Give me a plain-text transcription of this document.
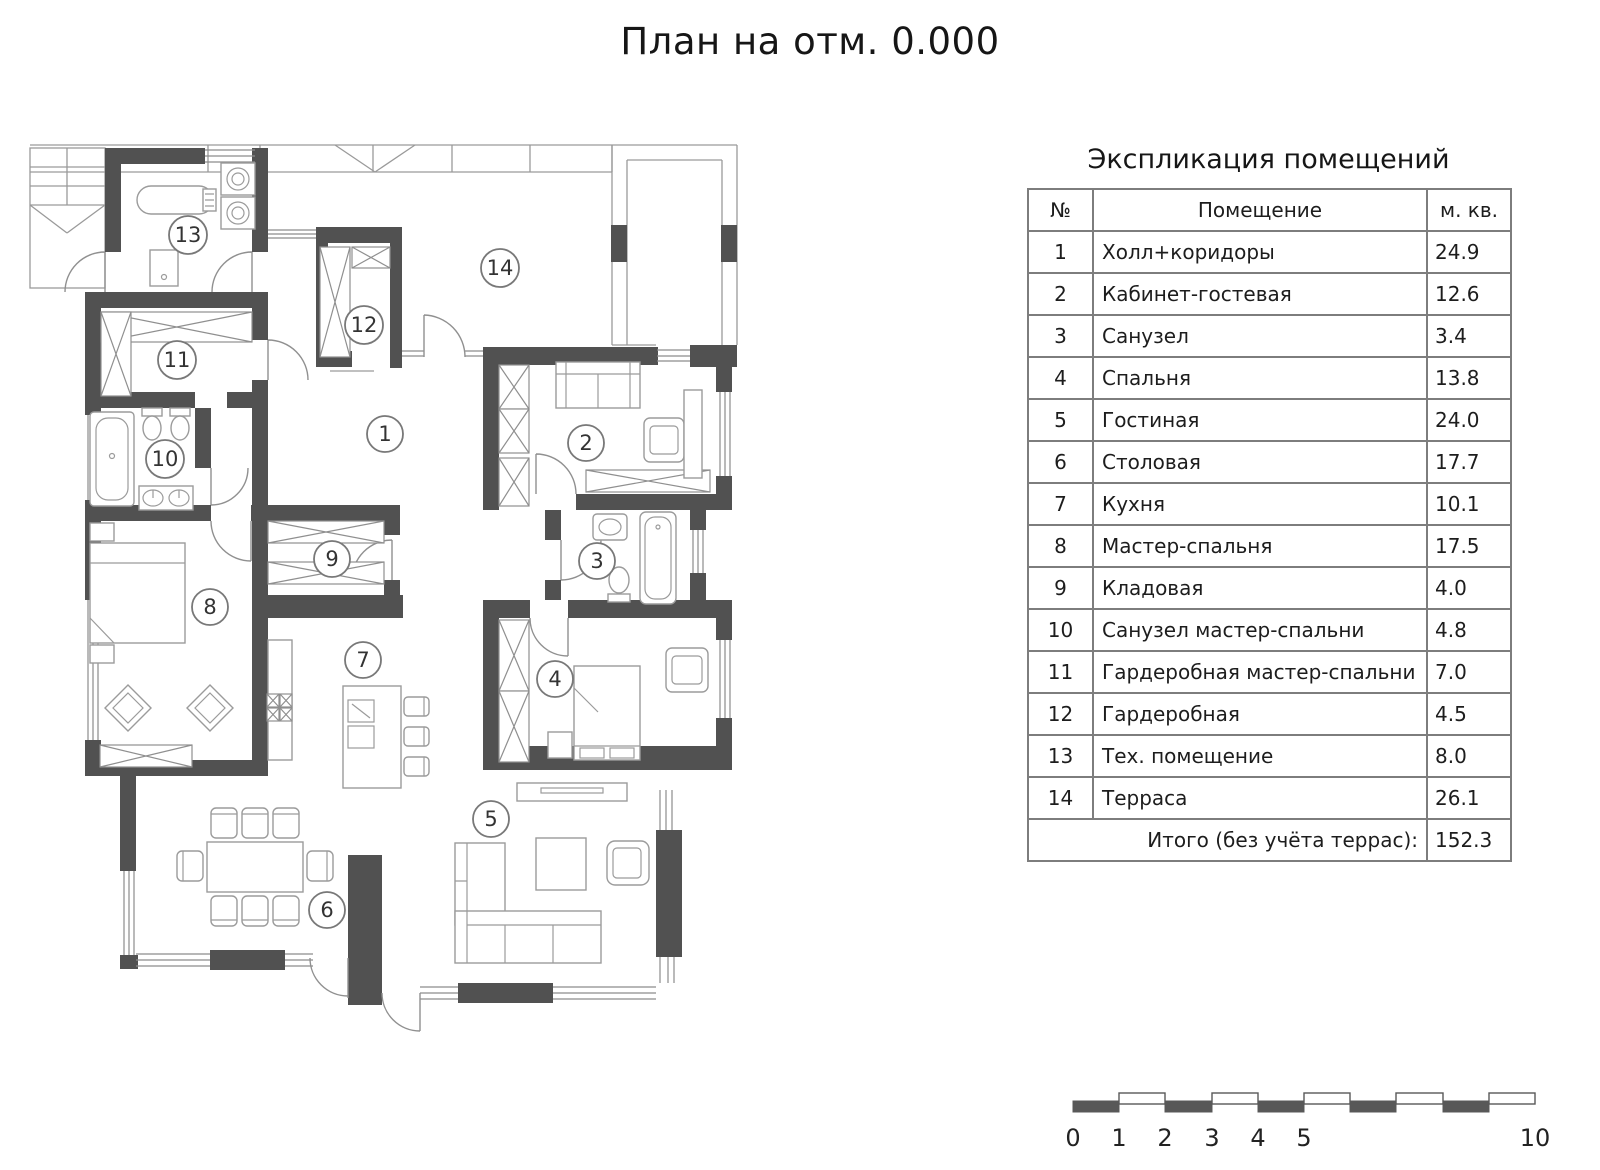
План на отм. 0.000
1	2
3
4
5
6
7
8
9
10
11
12
13
14
0 1 2 3 4 5	10
Экспликация помещений
№	Помещение	м. кв.
1	Холл+коридоры	24.9
2	Кабинет-гостевая	12.6
3	Санузел	3.4
4	Спальня	13.8
5	Гостиная	24.0
6	Столовая	17.7
7	Кухня	10.1
8	Мастер-спальня	17.5
9	Кладовая	4.0
10	Санузел мастер-спальни	4.8
11	Гардеробная мастер-спальни	7.0
12	Гардеробная	4.5
13	Тех. помещение	8.0
14	Терраса	26.1
Итого (без учёта террас):		152.3
